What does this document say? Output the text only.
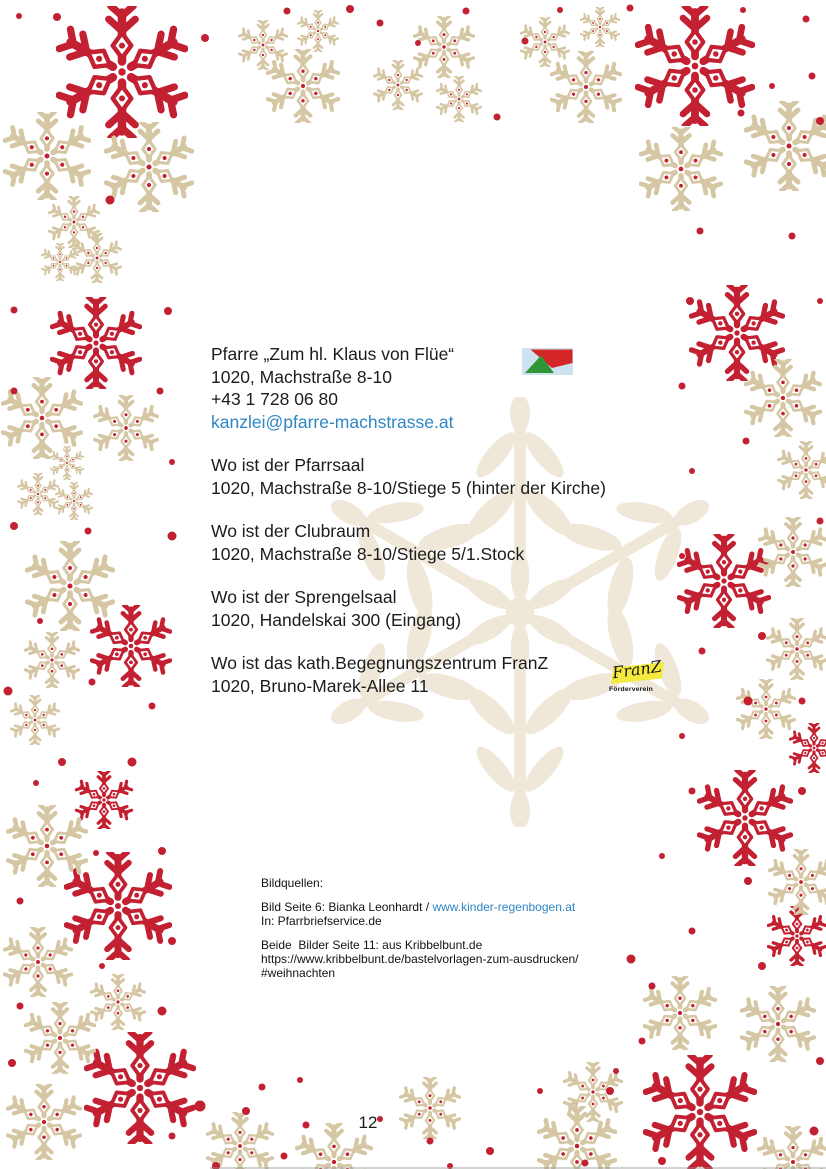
Pfarre „Zum hl. Klaus von Flüe“
1020, Machstraße 8-10
+43 1 728 06 80
kanzlei@pfarre-machstrasse.at

Wo ist der Pfarrsaal
1020, Machstraße 8-10/Stiege 5 (hinter der Kirche)

Wo ist der Clubraum
1020, Machstraße 8-10/Stiege 5/1.Stock

Wo ist der Sprengelsaal
1020, Handelskai 300 (Eingang)

Wo ist das kath.Begegnungszentrum FranZ
1020, Bruno-Marek-Allee 11

FranZ
Förderverein

Bildquellen:

Bild Seite 6: Bianka Leonhardt / www.kinder-regenbogen.at
In: Pfarrbriefservice.de

Beide  Bilder Seite 11: aus Kribbelbunt.de
https://www.kribbelbunt.de/bastelvorlagen-zum-ausdrucken/
#weihnachten

12
